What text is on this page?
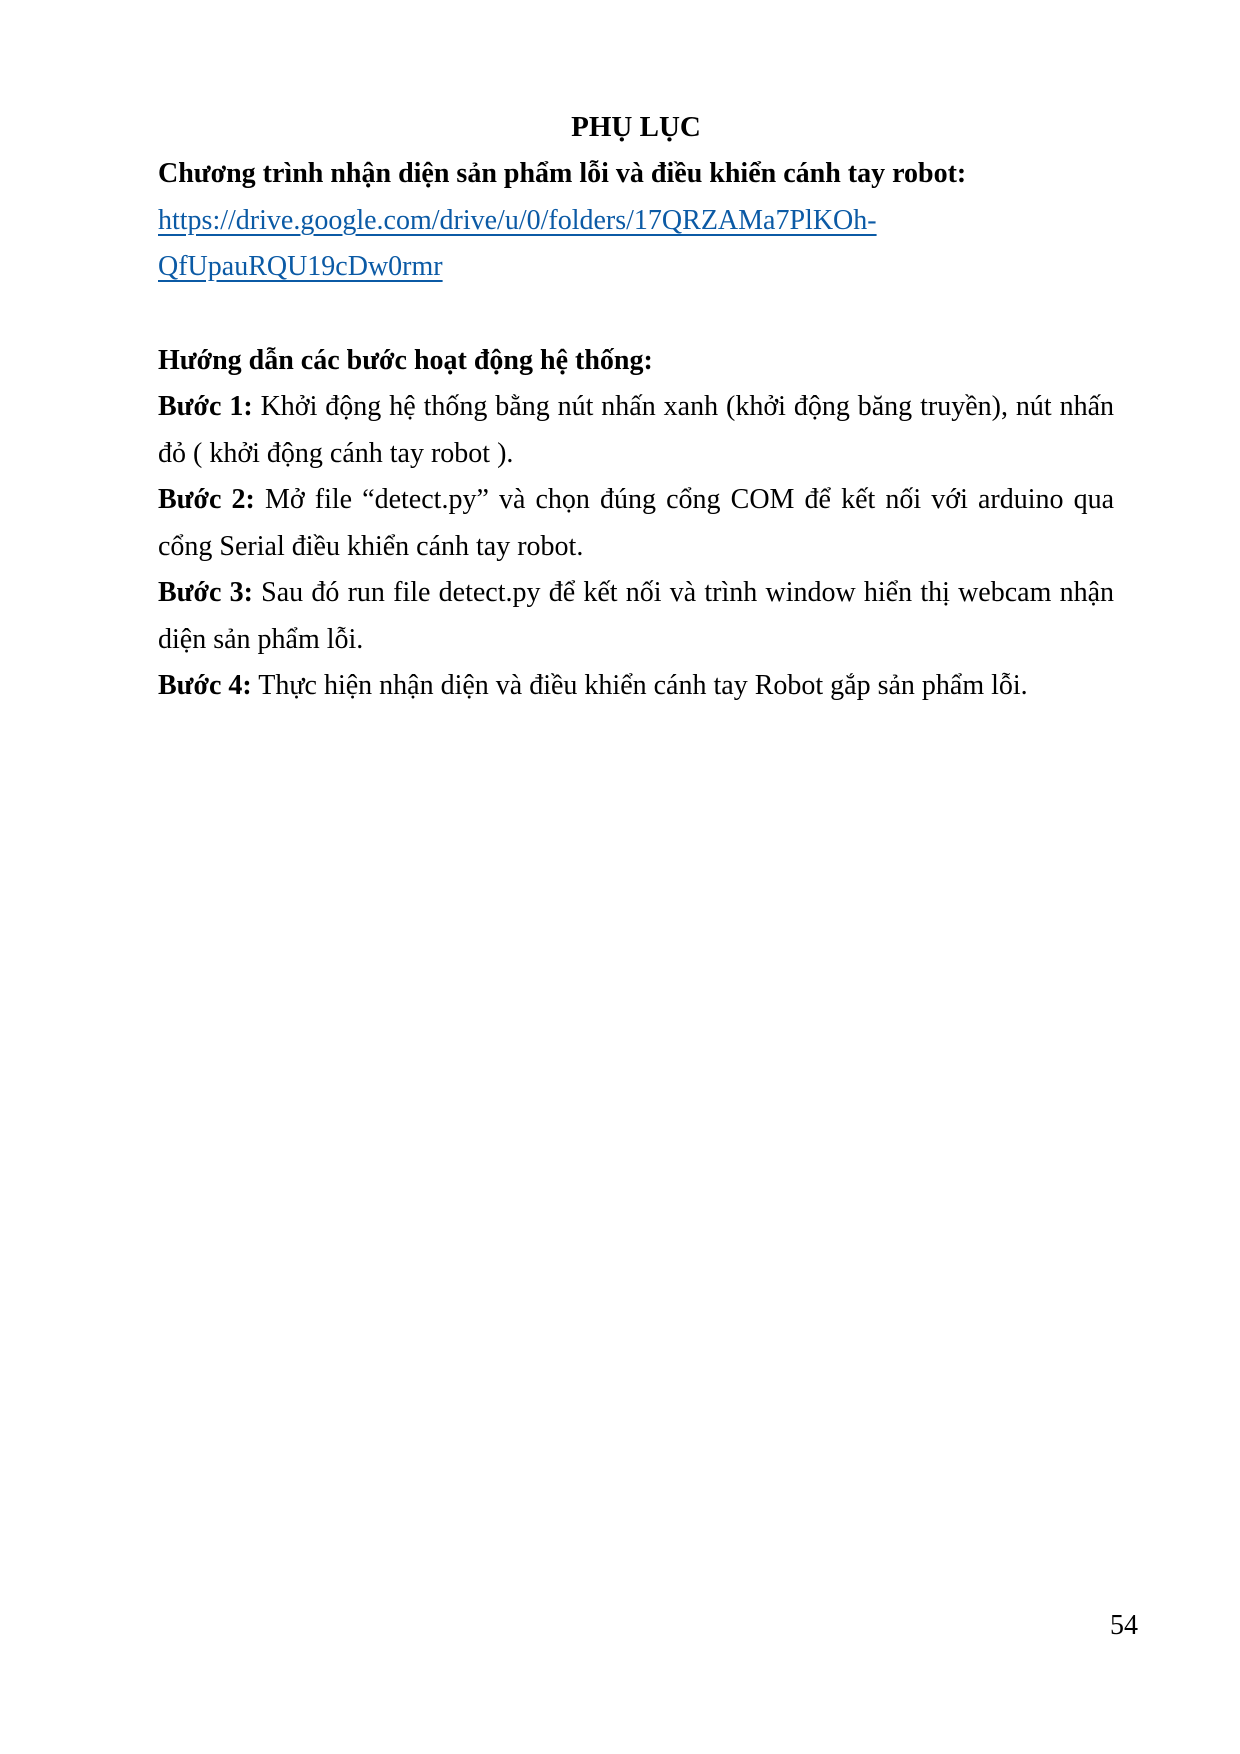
PHỤ LỤC

Chương trình nhận diện sản phẩm lỗi và điều khiển cánh tay robot:

https://drive.google.com/drive/u/0/folders/17QRZAMa7PlKOh-
QfUpauRQU19cDw0rmr

Hướng dẫn các bước hoạt động hệ thống:

Bước 1: Khởi động hệ thống bằng nút nhấn xanh (khởi động băng truyền), nút nhấn đỏ ( khởi động cánh tay robot ).

Bước 2: Mở file “detect.py” và chọn đúng cổng COM để kết nối với arduino qua cổng Serial điều khiển cánh tay robot.

Bước 3: Sau đó run file detect.py để kết nối và trình window hiển thị webcam nhận diện sản phẩm lỗi.

Bước 4: Thực hiện nhận diện và điều khiển cánh tay Robot gắp sản phẩm lỗi.

54
